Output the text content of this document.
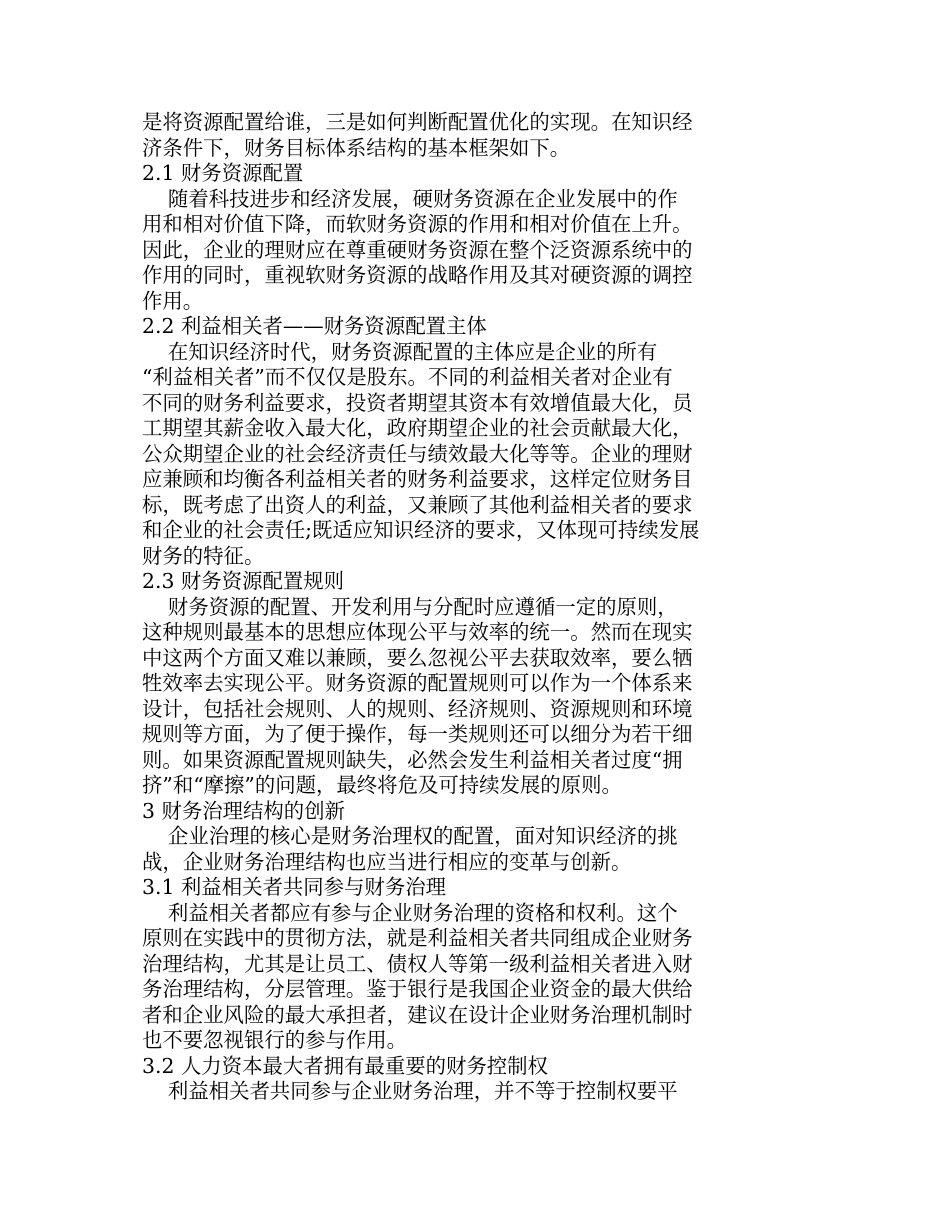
是将资源配置给谁，三是如何判断配置优化的实现。在知识经
济条件下，财务目标体系结构的基本框架如下。
2.1 财务资源配置
随着科技进步和经济发展，硬财务资源在企业发展中的作
用和相对价值下降，而软财务资源的作用和相对价值在上升。
因此，企业的理财应在尊重硬财务资源在整个泛资源系统中的
作用的同时，重视软财务资源的战略作用及其对硬资源的调控
作用。
2.2 利益相关者——财务资源配置主体
在知识经济时代，财务资源配置的主体应是企业的所有
“利益相关者”而不仅仅是股东。不同的利益相关者对企业有
不同的财务利益要求，投资者期望其资本有效增值最大化，员
工期望其薪金收入最大化，政府期望企业的社会贡献最大化，
公众期望企业的社会经济责任与绩效最大化等等。企业的理财
应兼顾和均衡各利益相关者的财务利益要求，这样定位财务目
标，既考虑了出资人的利益，又兼顾了其他利益相关者的要求
和企业的社会责任;既适应知识经济的要求，又体现可持续发展
财务的特征。
2.3 财务资源配置规则
财务资源的配置、开发利用与分配时应遵循一定的原则，
这种规则最基本的思想应体现公平与效率的统一。然而在现实
中这两个方面又难以兼顾，要么忽视公平去获取效率，要么牺
牲效率去实现公平。财务资源的配置规则可以作为一个体系来
设计，包括社会规则、人的规则、经济规则、资源规则和环境
规则等方面，为了便于操作，每一类规则还可以细分为若干细
则。如果资源配置规则缺失，必然会发生利益相关者过度“拥
挤”和“摩擦”的问题，最终将危及可持续发展的原则。
3 财务治理结构的创新
企业治理的核心是财务治理权的配置，面对知识经济的挑
战，企业财务治理结构也应当进行相应的变革与创新。
3.1 利益相关者共同参与财务治理
利益相关者都应有参与企业财务治理的资格和权利。这个
原则在实践中的贯彻方法，就是利益相关者共同组成企业财务
治理结构，尤其是让员工、债权人等第一级利益相关者进入财
务治理结构，分层管理。鉴于银行是我国企业资金的最大供给
者和企业风险的最大承担者，建议在设计企业财务治理机制时
也不要忽视银行的参与作用。
3.2 人力资本最大者拥有最重要的财务控制权
利益相关者共同参与企业财务治理，并不等于控制权要平
